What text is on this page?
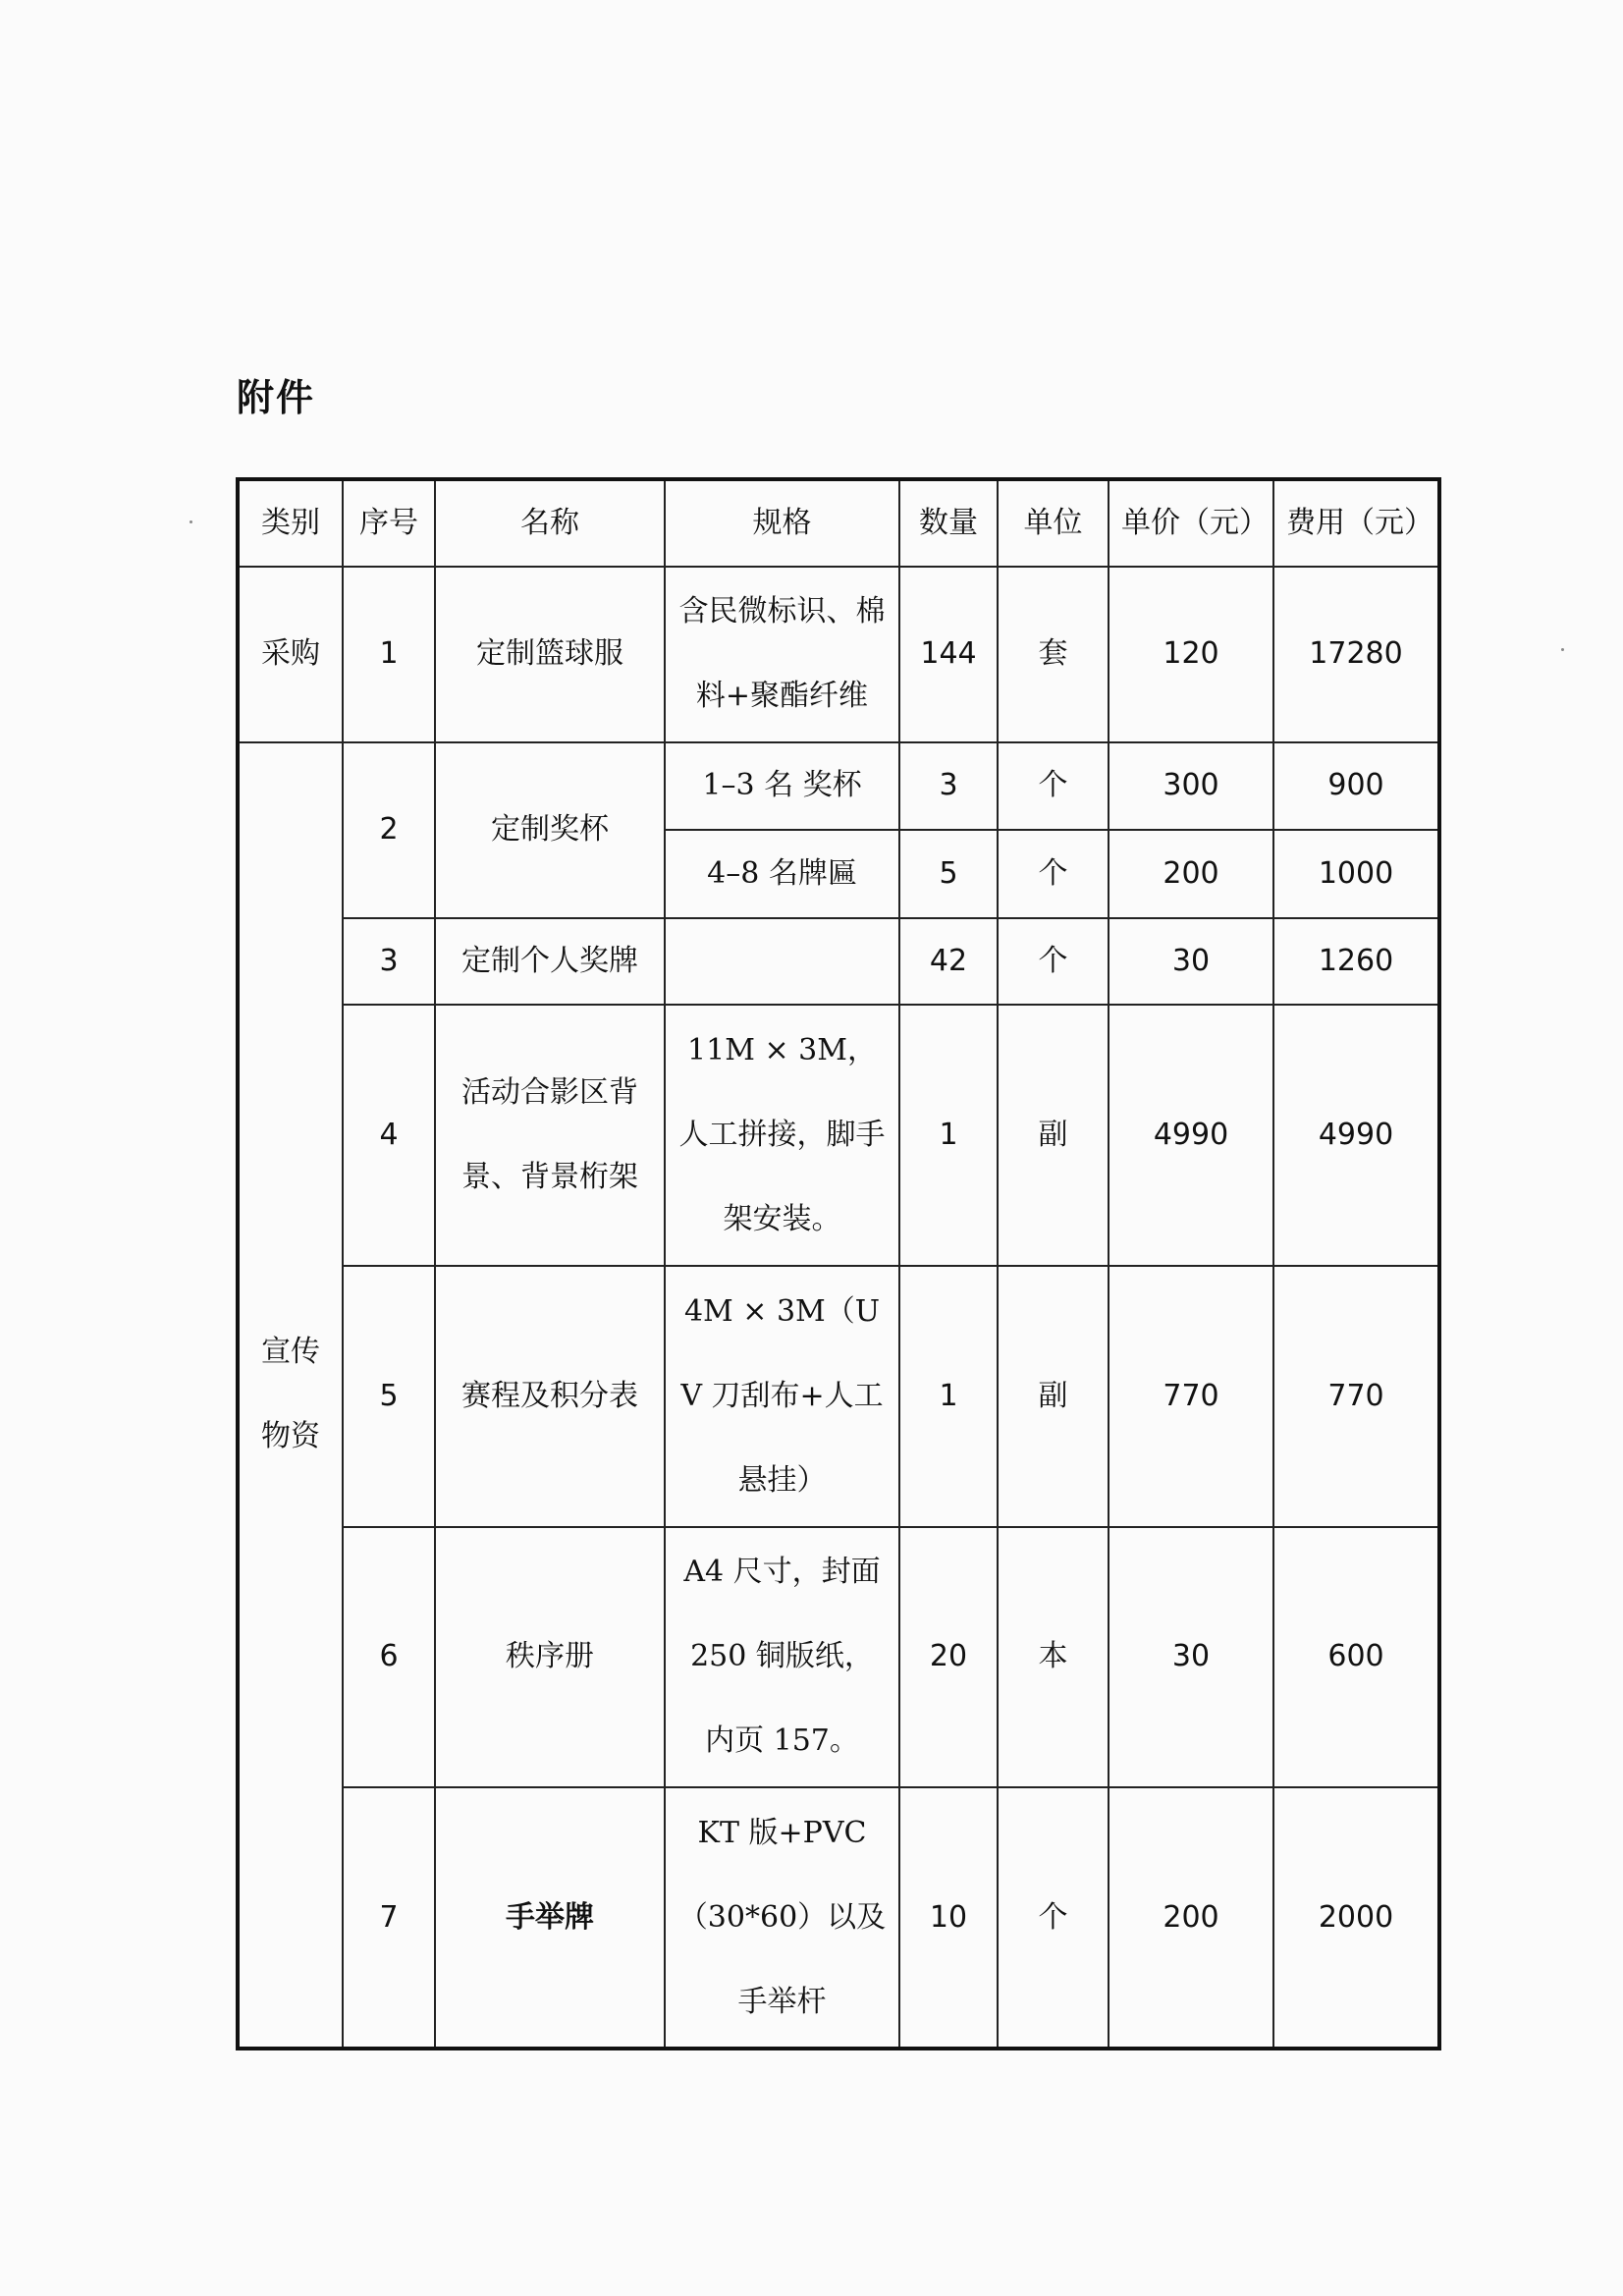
附件
类别	序号	名称	规格	数量	单位	单价（元）	费用（元）
采购	1	定制篮球服	含民微标识、棉料+聚酯纤维	144	套	120	17280
宣传物资	2	定制奖杯	1–3 名 奖杯	3	个	300	900
			4–8 名牌匾	5	个	200	1000
	3	定制个人奖牌		42	个	30	1260
	4	活动合影区背景、背景桁架	11M × 3M，人工拼接，脚手架安装。	1	副	4990	4990
	5	赛程及积分表	4M × 3M（UV 刀刮布+人工悬挂）	1	副	770	770
	6	秩序册	A4 尺寸，封面 250 铜版纸，内页 157。	20	本	30	600
	7	手举牌	KT 版+PVC（30*60）以及手举杆	10	个	200	2000
